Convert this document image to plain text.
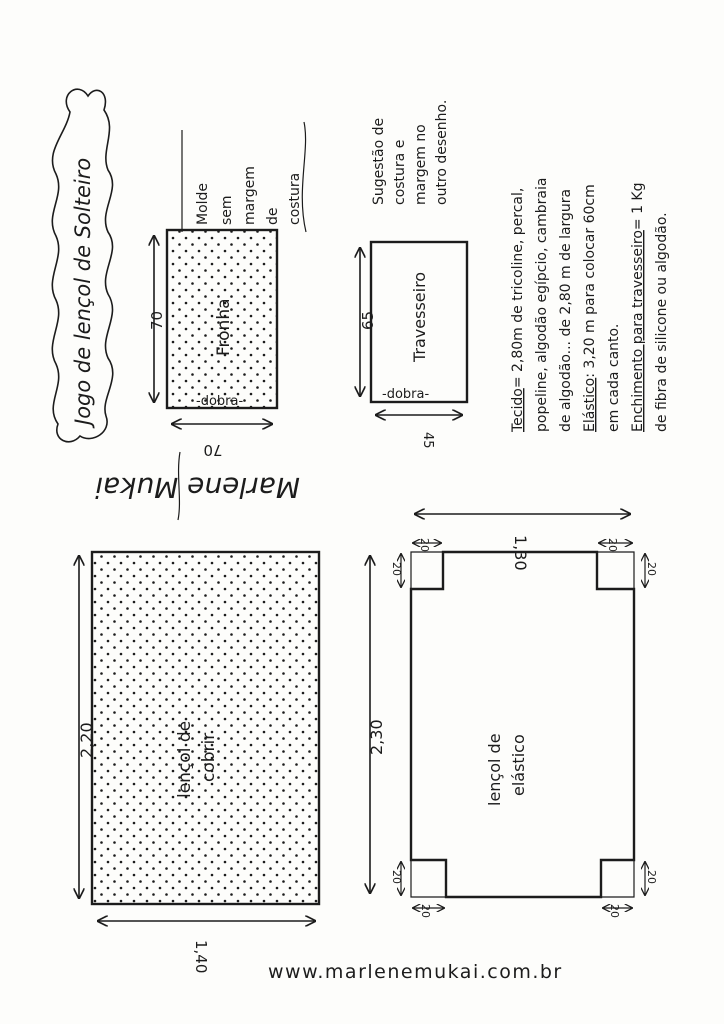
Jogo de lençol de Solteiro	Molde sem margem de costura	Sugestão de costura e margem no outro desenho.
Fronha
-dobra-
70
70
Travesseiro
-dobra-
65
45
Tecido= 2,80m de tricoline, percal, popeline, algodão egípcio, cambraia de algodão... de 2,80 m de largura Elástico: 3,20 m para colocar 60cm
em cada canto. Enchimento para travesseiro= 1 Kg
de fibra de silicone ou algodão.
Marlene Mukai
lençol de cobrir
2,20
1,40
lençol de elástico
2,30
1,30
20
20
20
20
20
20
20
20
www.marlenemukai.com.br
